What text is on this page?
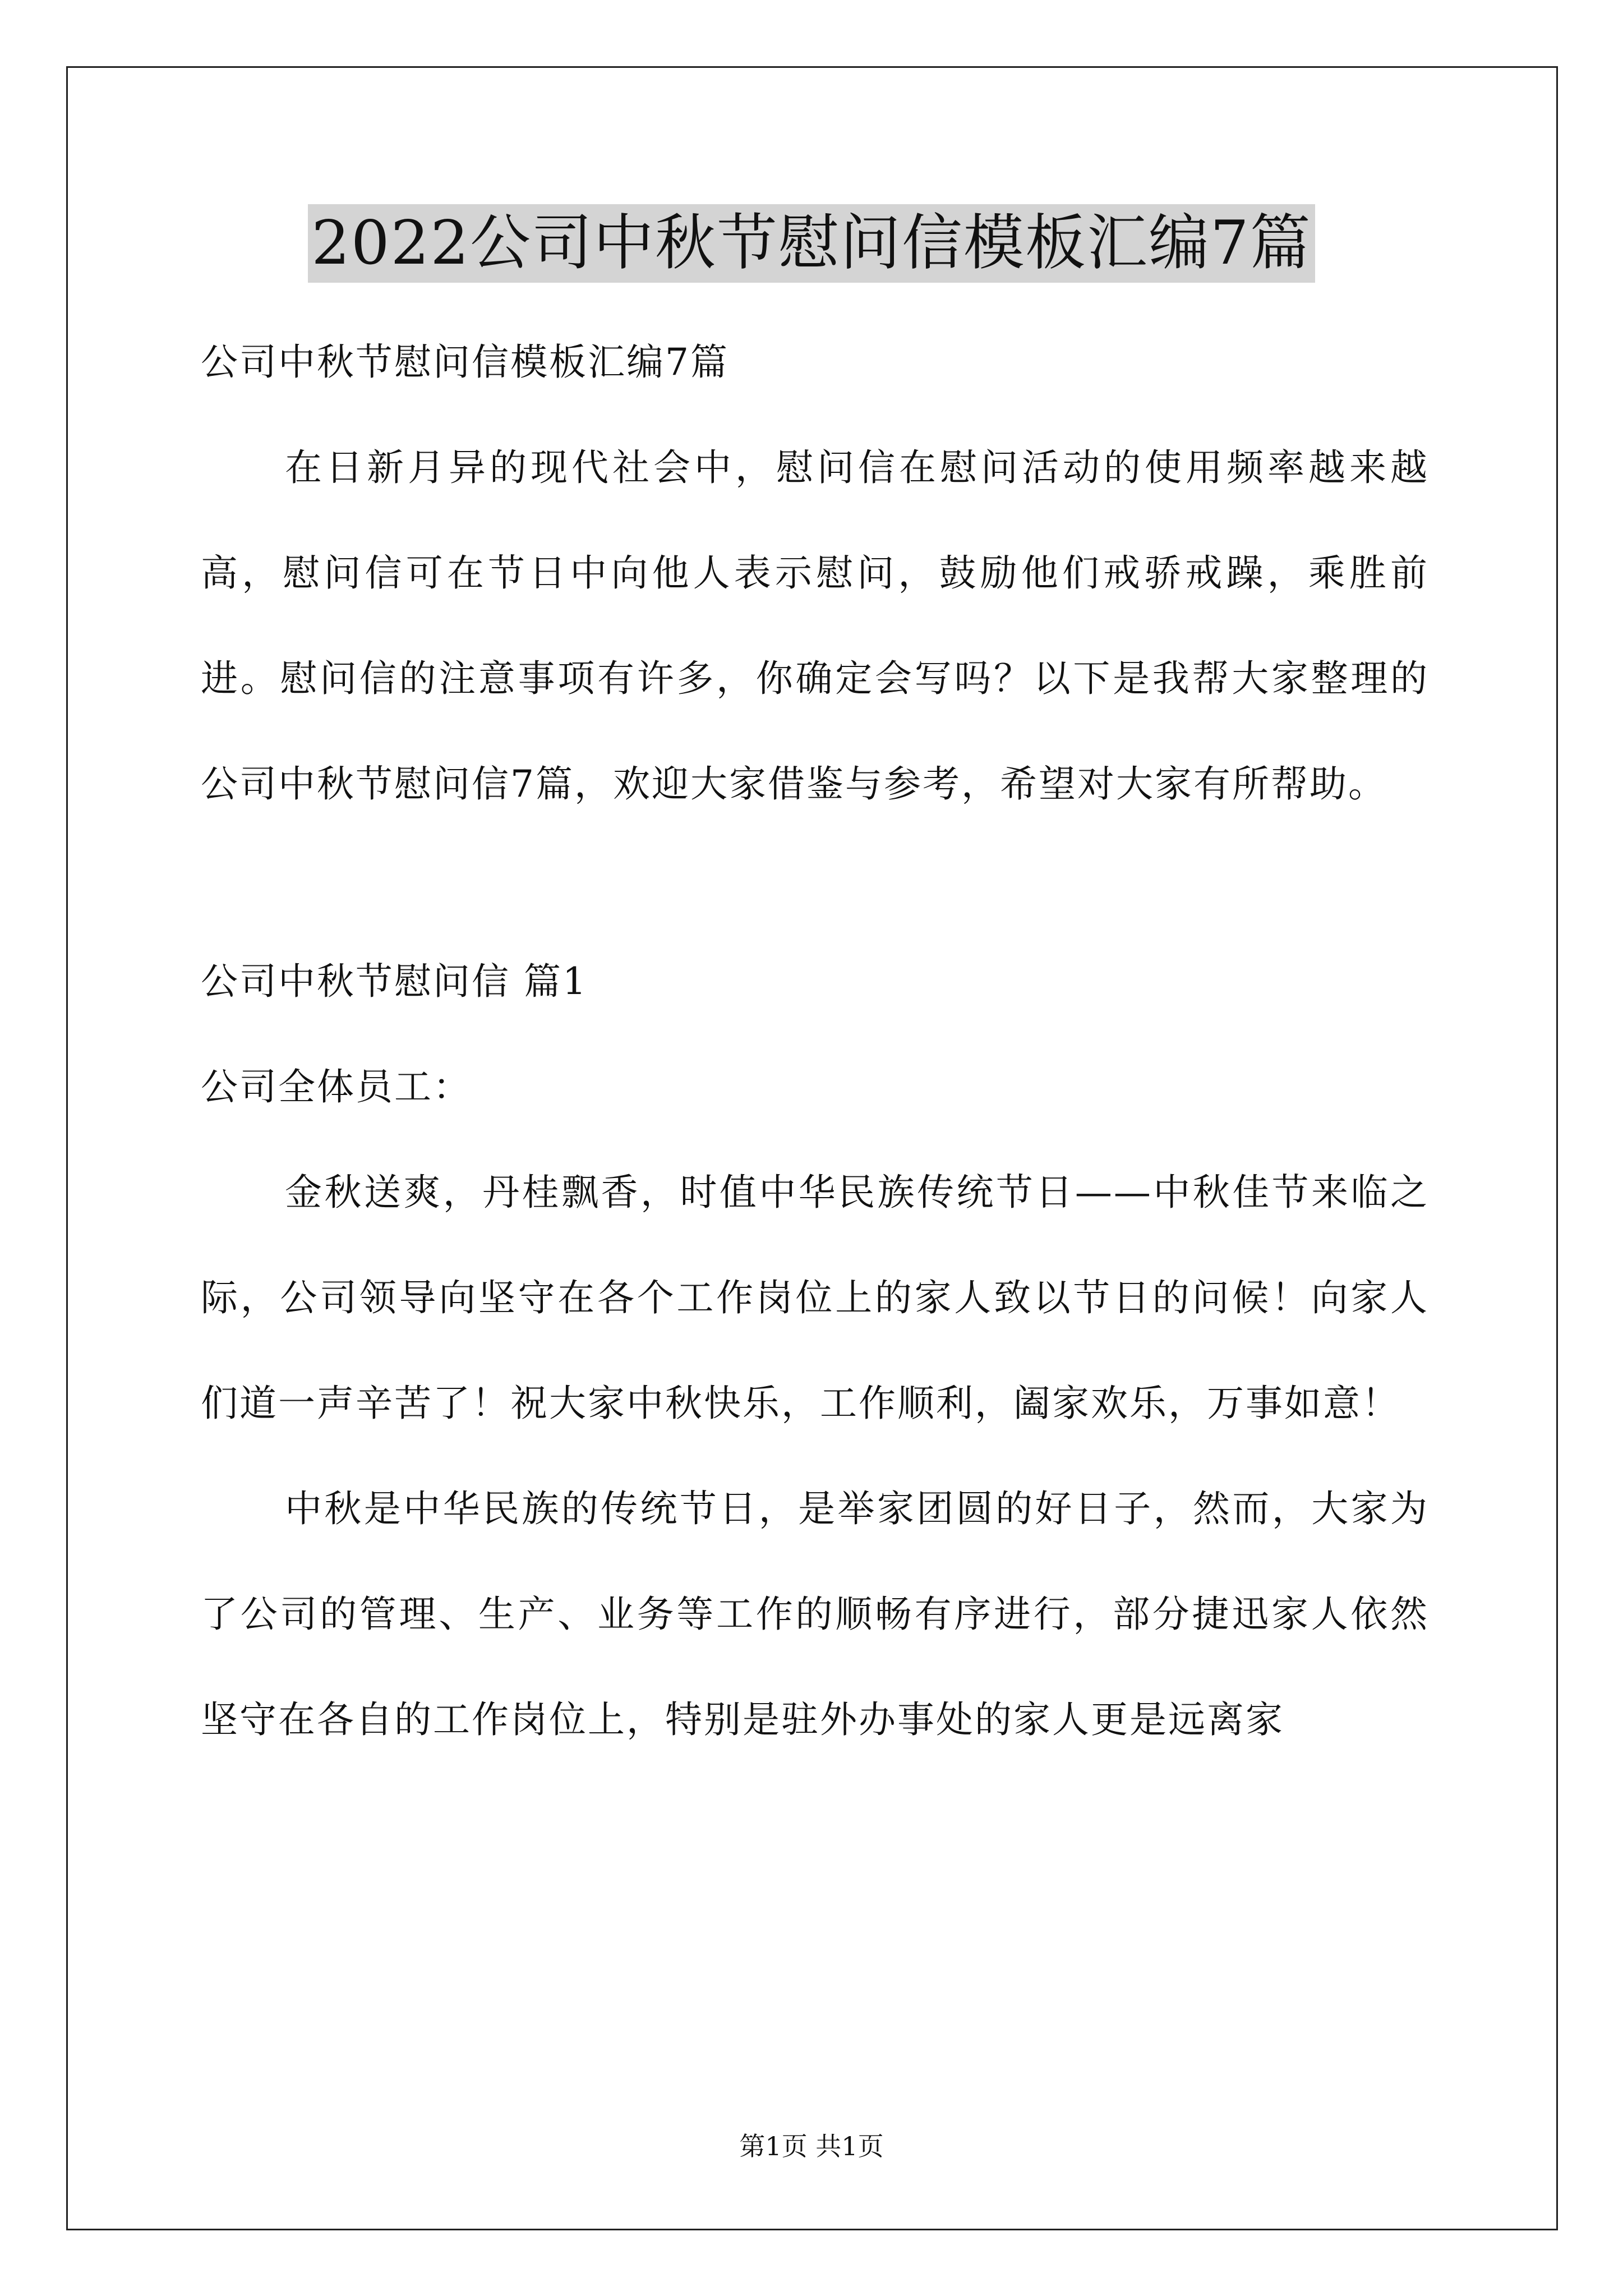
2022公司中秋节慰问信模板汇编7篇

公司中秋节慰问信模板汇编7篇

在日新月异的现代社会中，慰问信在慰问活动的使用频率越来越高，慰问信可在节日中向他人表示慰问，鼓励他们戒骄戒躁，乘胜前进。慰问信的注意事项有许多，你确定会写吗？以下是我帮大家整理的公司中秋节慰问信7篇，欢迎大家借鉴与参考，希望对大家有所帮助。

公司中秋节慰问信 篇1

公司全体员工：

金秋送爽，丹桂飘香，时值中华民族传统节日——中秋佳节来临之际，公司领导向坚守在各个工作岗位上的家人致以节日的问候！向家人们道一声辛苦了！祝大家中秋快乐，工作顺利，阖家欢乐，万事如意！

中秋是中华民族的传统节日，是举家团圆的好日子，然而，大家为了公司的管理、生产、业务等工作的顺畅有序进行，部分捷迅家人依然坚守在各自的工作岗位上，特别是驻外办事处的家人更是远离家

第1页 共1页
